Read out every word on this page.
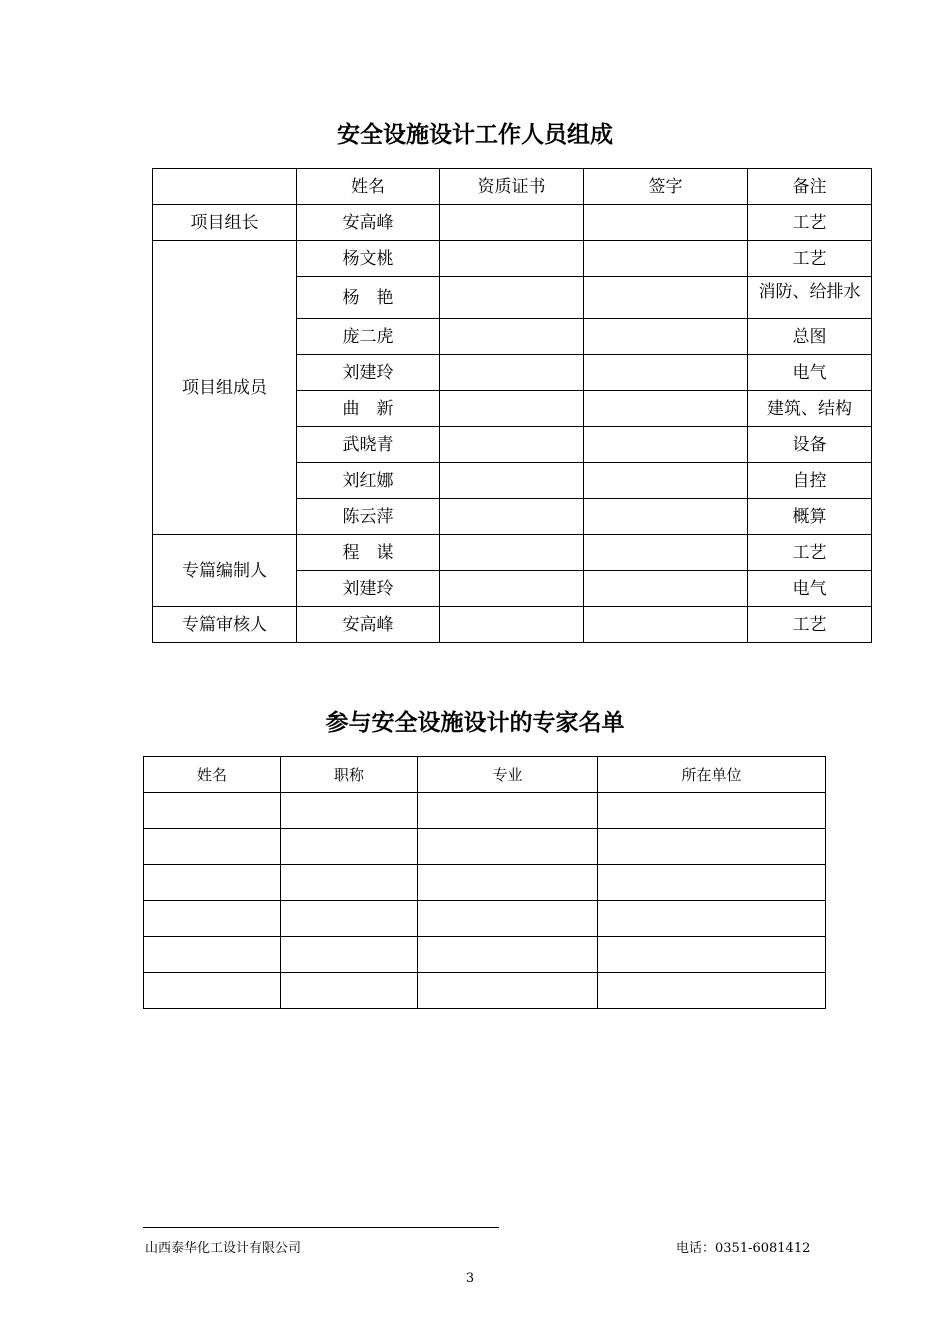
安全设施设计工作人员组成
	姓名	资质证书	签字	备注
项目组长	安高峰			工艺
项目组成员	杨文桃			工艺
	杨　艳			消防、给排水
	庞二虎			总图
	刘建玲			电气
	曲　新			建筑、结构
	武晓青			设备
	刘红娜			自控
	陈云萍			概算
专篇编制人	程　谋			工艺
	刘建玲			电气
专篇审核人	安高峰			工艺
参与安全设施设计的专家名单
姓名	职称	专业	所在单位

山西泰华化工设计有限公司	电话：0351-6081412
3
